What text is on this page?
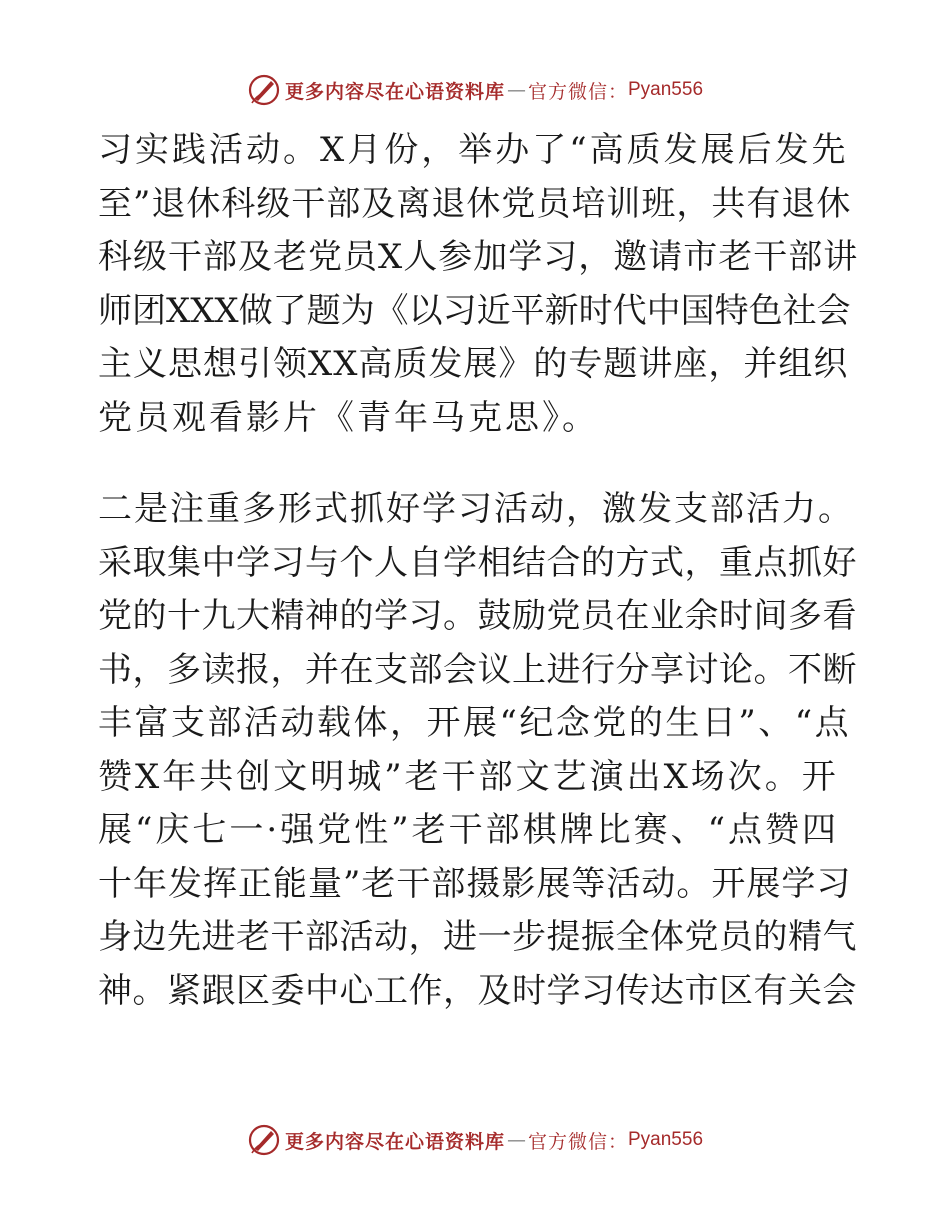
更多内容尽在心语资料库 — 官方微信： Pyan556
习实践活动。X月份，举办了“高质发展后发先
至”退休科级干部及离退休党员培训班，共有退休
科级干部及老党员X人参加学习，邀请市老干部讲
师团XXX做了题为《以习近平新时代中国特色社会
主义思想引领XX高质发展》的专题讲座，并组织
党员观看影片《青年马克思》。
二是注重多形式抓好学习活动，激发支部活力。
采取集中学习与个人自学相结合的方式，重点抓好
党的十九大精神的学习。鼓励党员在业余时间多看
书，多读报，并在支部会议上进行分享讨论。不断
丰富支部活动载体，开展“纪念党的生日”、“点
赞X年共创文明城”老干部文艺演出X场次。开
展“庆七一·强党性”老干部棋牌比赛、“点赞四
十年发挥正能量”老干部摄影展等活动。开展学习
身边先进老干部活动，进一步提振全体党员的精气
神。紧跟区委中心工作，及时学习传达市区有关会
更多内容尽在心语资料库 — 官方微信： Pyan556
